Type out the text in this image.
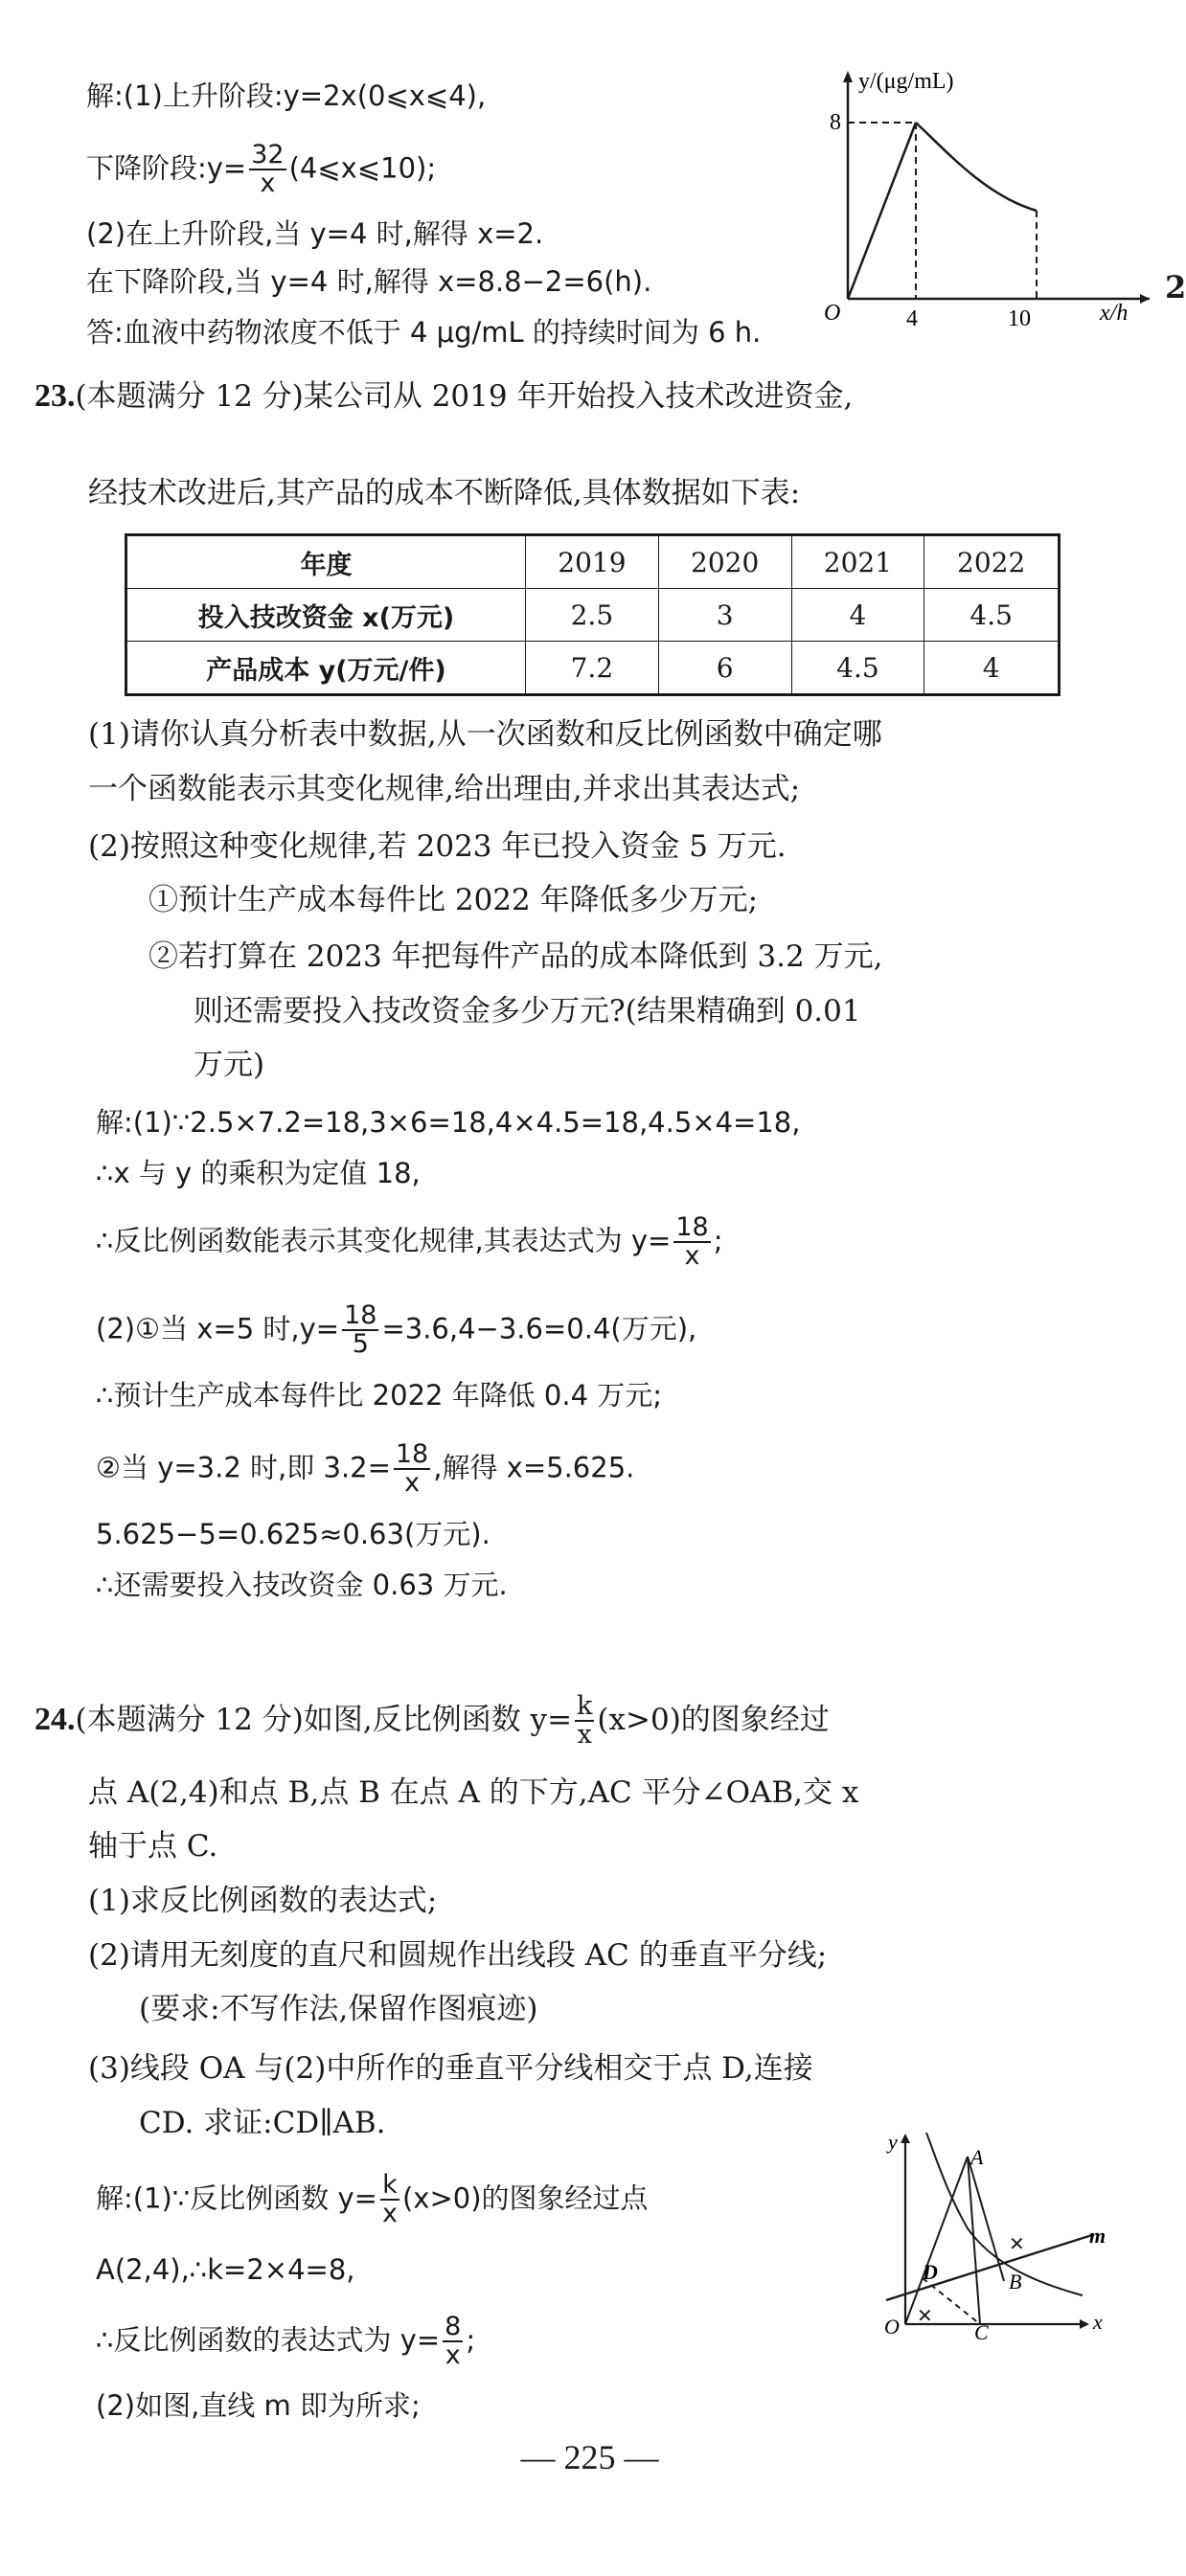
解:(1)上升阶段:y=2x(0⩽x⩽4),
下降阶段:y= $\frac{32}{x}$ (4⩽x⩽10);
(2)在上升阶段,当 y=4 时,解得 x=2.
在下降阶段,当 y=4 时,解得 x=8.8−2=6(h).
答:血液中药物浓度不低于 4 μg/mL 的持续时间为 6 h.
y/(μg/mL)
x/h
O
8
4	10
2
23.(本题满分 12 分)某公司从 2019 年开始投入技术改进资金,
经技术改进后,其产品的成本不断降低,具体数据如下表:
年度	2019	2020	2021	2022
投入技改资金 x(万元)	2.5	3	4	4.5
产品成本 y(万元/件)	7.2	6	4.5	4
(1)请你认真分析表中数据,从一次函数和反比例函数中确定哪
一个函数能表示其变化规律,给出理由,并求出其表达式;
(2)按照这种变化规律,若 2023 年已投入资金 5 万元.
①预计生产成本每件比 2022 年降低多少万元;
②若打算在 2023 年把每件产品的成本降低到 3.2 万元,
则还需要投入技改资金多少万元?(结果精确到 0.01
万元)
解:(1)∵2.5×7.2=18,3×6=18,4×4.5=18,4.5×4=18,
∴x 与 y 的乘积为定值 18,
∴反比例函数能表示其变化规律,其表达式为 $y= \frac{18}{x}$ ;
(2)①当 x=5 时$,y= \frac{18}{5} =3.6,4-3.6=0.4$(万元),
∴预计生产成本每件比 2022 年降低 0.4 万元;
②当 y=3.2 时,即 $3.2= \frac{18}{x}$ ,解得 x=5.625.
5.625−5=0.625≈0.63(万元).
∴还需要投入技改资金 0.63 万元.
24.(本题满分 12 分)如图,反比例函数 $y= \frac{k}{x} (x>0)$的图象经过
点 A(2,4)和点 B,点 B 在点 A 的下方,AC 平分∠OAB,交 x
轴于点 C.
(1)求反比例函数的表达式;
(2)请用无刻度的直尺和圆规作出线段 AC 的垂直平分线;
(要求:不写作法,保留作图痕迹)
(3)线段 OA 与(2)中所作的垂直平分线相交于点 D,连接
CD. 求证:CD∥AB.
解:(1)∵反比例函数 $y= \frac{k}{x} (x>0)$的图象经过点
A(2,4),∴k=2×4=8,
∴反比例函数的表达式为 $y= \frac{8}{x}$ ;
(2)如图,直线 m 即为所求;
✕
✕
y
x
O
A
B
C
D
m
— 225 —
